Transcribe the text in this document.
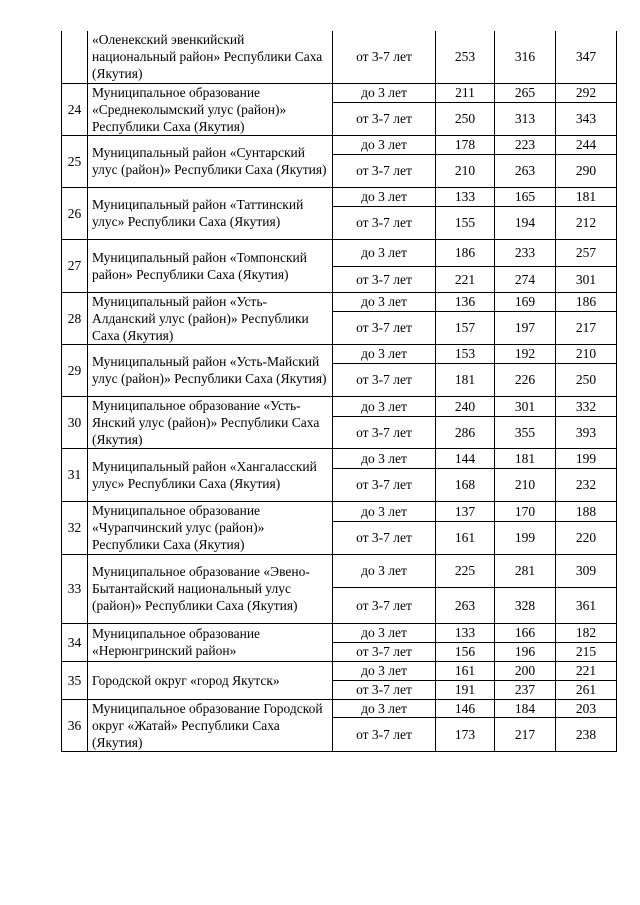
	«Оленекский эвенкийский национальный район» Республики Саха (Якутия)	от 3-7 лет	253	316	347
24	Муниципальное образование «Среднеколымский улус (район)» Республики Саха (Якутия)	до 3 лет	211	265	292
		от 3-7 лет	250	313	343
25	Муниципальный район «Сунтарский улус (район)» Республики Саха (Якутия)	до 3 лет	178	223	244
		от 3-7 лет	210	263	290
26	Муниципальный район «Таттинский улус» Республики Саха (Якутия)	до 3 лет	133	165	181
		от 3-7 лет	155	194	212
27	Муниципальный район «Томпонский район» Республики Саха (Якутия)	до 3 лет	186	233	257
		от 3-7 лет	221	274	301
28	Муниципальный район «Усть-Алданский улус (район)» Республики Саха (Якутия)	до 3 лет	136	169	186
		от 3-7 лет	157	197	217
29	Муниципальный район «Усть-Майский улус (район)» Республики Саха (Якутия)	до 3 лет	153	192	210
		от 3-7 лет	181	226	250
30	Муниципальное образование «Усть-Янский улус (район)» Республики Саха (Якутия)	до 3 лет	240	301	332
		от 3-7 лет	286	355	393
31	Муниципальный район «Хангаласский улус» Республики Саха (Якутия)	до 3 лет	144	181	199
		от 3-7 лет	168	210	232
32	Муниципальное образование «Чурапчинский улус (район)» Республики Саха (Якутия)	до 3 лет	137	170	188
		от 3-7 лет	161	199	220
33	Муниципальное образование «Эвено-Бытантайский национальный улус (район)» Республики Саха (Якутия)	до 3 лет	225	281	309
		от 3-7 лет	263	328	361
34	Муниципальное образование «Нерюнгринский район»	до 3 лет	133	166	182
		от 3-7 лет	156	196	215
35	Городской округ «город Якутск»	до 3 лет	161	200	221
		от 3-7 лет	191	237	261
36	Муниципальное образование Городской округ «Жатай» Республики Саха (Якутия)	до 3 лет	146	184	203
		от 3-7 лет	173	217	238
